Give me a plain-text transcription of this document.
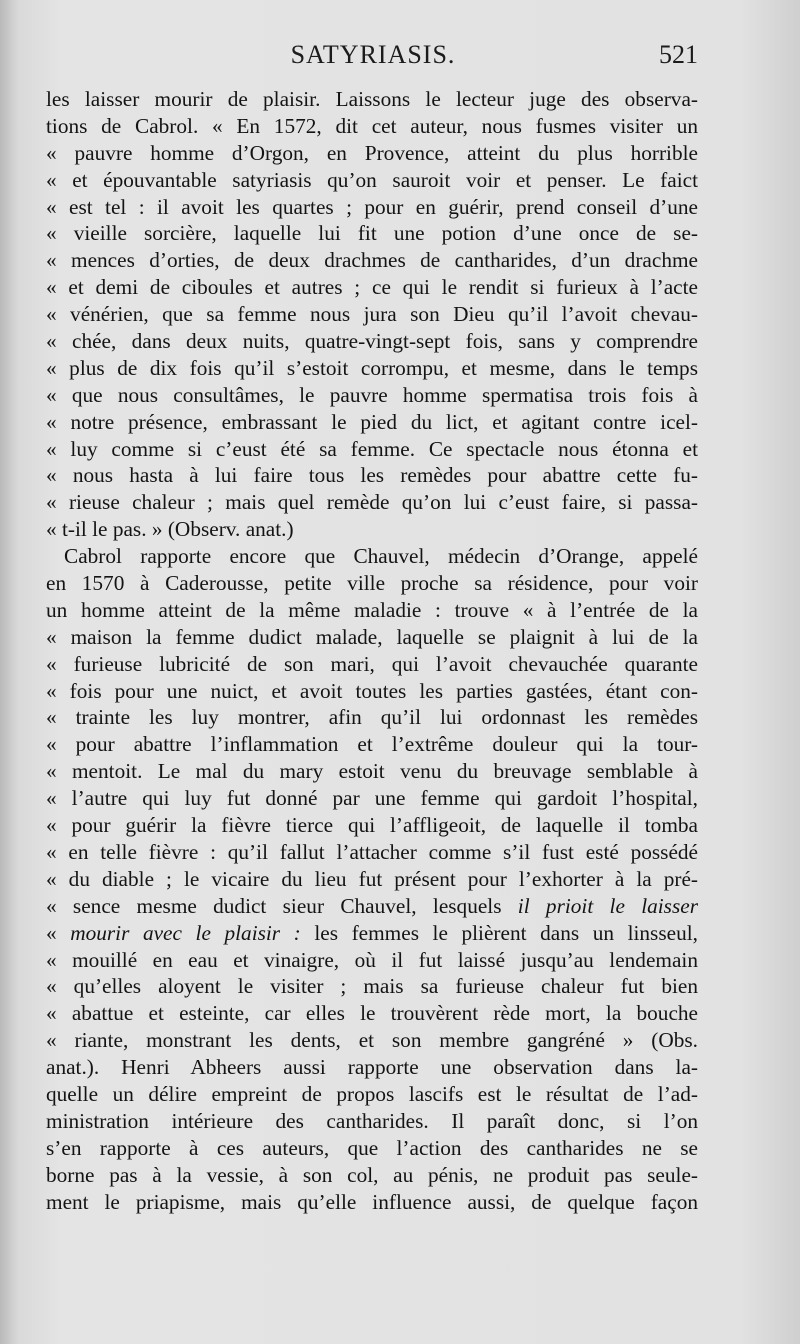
SATYRIASIS.	521
les laisser mourir de plaisir. Laissons le lecteur juge des observa-
tions de Cabrol. « En 1572, dit cet auteur, nous fusmes visiter un
« pauvre homme d’Orgon, en Provence, atteint du plus horrible
« et épouvantable satyriasis qu’on sauroit voir et penser. Le faict
« est tel : il avoit les quartes ; pour en guérir, prend conseil d’une
« vieille sorcière, laquelle lui fit une potion d’une once de se-
« mences d’orties, de deux drachmes de cantharides, d’un drachme
« et demi de ciboules et autres ; ce qui le rendit si furieux à l’acte
« vénérien, que sa femme nous jura son Dieu qu’il l’avoit chevau-
« chée, dans deux nuits, quatre-vingt-sept fois, sans y comprendre
« plus de dix fois qu’il s’estoit corrompu, et mesme, dans le temps
« que nous consultâmes, le pauvre homme spermatisa trois fois à
« notre présence, embrassant le pied du lict, et agitant contre icel-
« luy comme si c’eust été sa femme. Ce spectacle nous étonna et
« nous hasta à lui faire tous les remèdes pour abattre cette fu-
« rieuse chaleur ; mais quel remède qu’on lui c’eust faire, si passa-
« t-il le pas. » (Observ. anat.)
Cabrol rapporte encore que Chauvel, médecin d’Orange, appelé
en 1570 à Caderousse, petite ville proche sa résidence, pour voir
un homme atteint de la même maladie : trouve « à l’entrée de la
« maison la femme dudict malade, laquelle se plaignit à lui de la
« furieuse lubricité de son mari, qui l’avoit chevauchée quarante
« fois pour une nuict, et avoit toutes les parties gastées, étant con-
« trainte les luy montrer, afin qu’il lui ordonnast les remèdes
« pour abattre l’inflammation et l’extrême douleur qui la tour-
« mentoit. Le mal du mary estoit venu du breuvage semblable à
« l’autre qui luy fut donné par une femme qui gardoit l’hospital,
« pour guérir la fièvre tierce qui l’affligeoit, de laquelle il tomba
« en telle fièvre : qu’il fallut l’attacher comme s’il fust esté possédé
« du diable ; le vicaire du lieu fut présent pour l’exhorter à la pré-
« sence mesme dudict sieur Chauvel, lesquels il prioit le laisser
« mourir avec le plaisir : les femmes le plièrent dans un linsseul,
« mouillé en eau et vinaigre, où il fut laissé jusqu’au lendemain
« qu’elles aloyent le visiter ; mais sa furieuse chaleur fut bien
« abattue et esteinte, car elles le trouvèrent rède mort, la bouche
« riante, monstrant les dents, et son membre gangréné » (Obs.
anat.). Henri Abheers aussi rapporte une observation dans la-
quelle un délire empreint de propos lascifs est le résultat de l’ad-
ministration intérieure des cantharides. Il paraît donc, si l’on
s’en rapporte à ces auteurs, que l’action des cantharides ne se
borne pas à la vessie, à son col, au pénis, ne produit pas seule-
ment le priapisme, mais qu’elle influence aussi, de quelque façon
